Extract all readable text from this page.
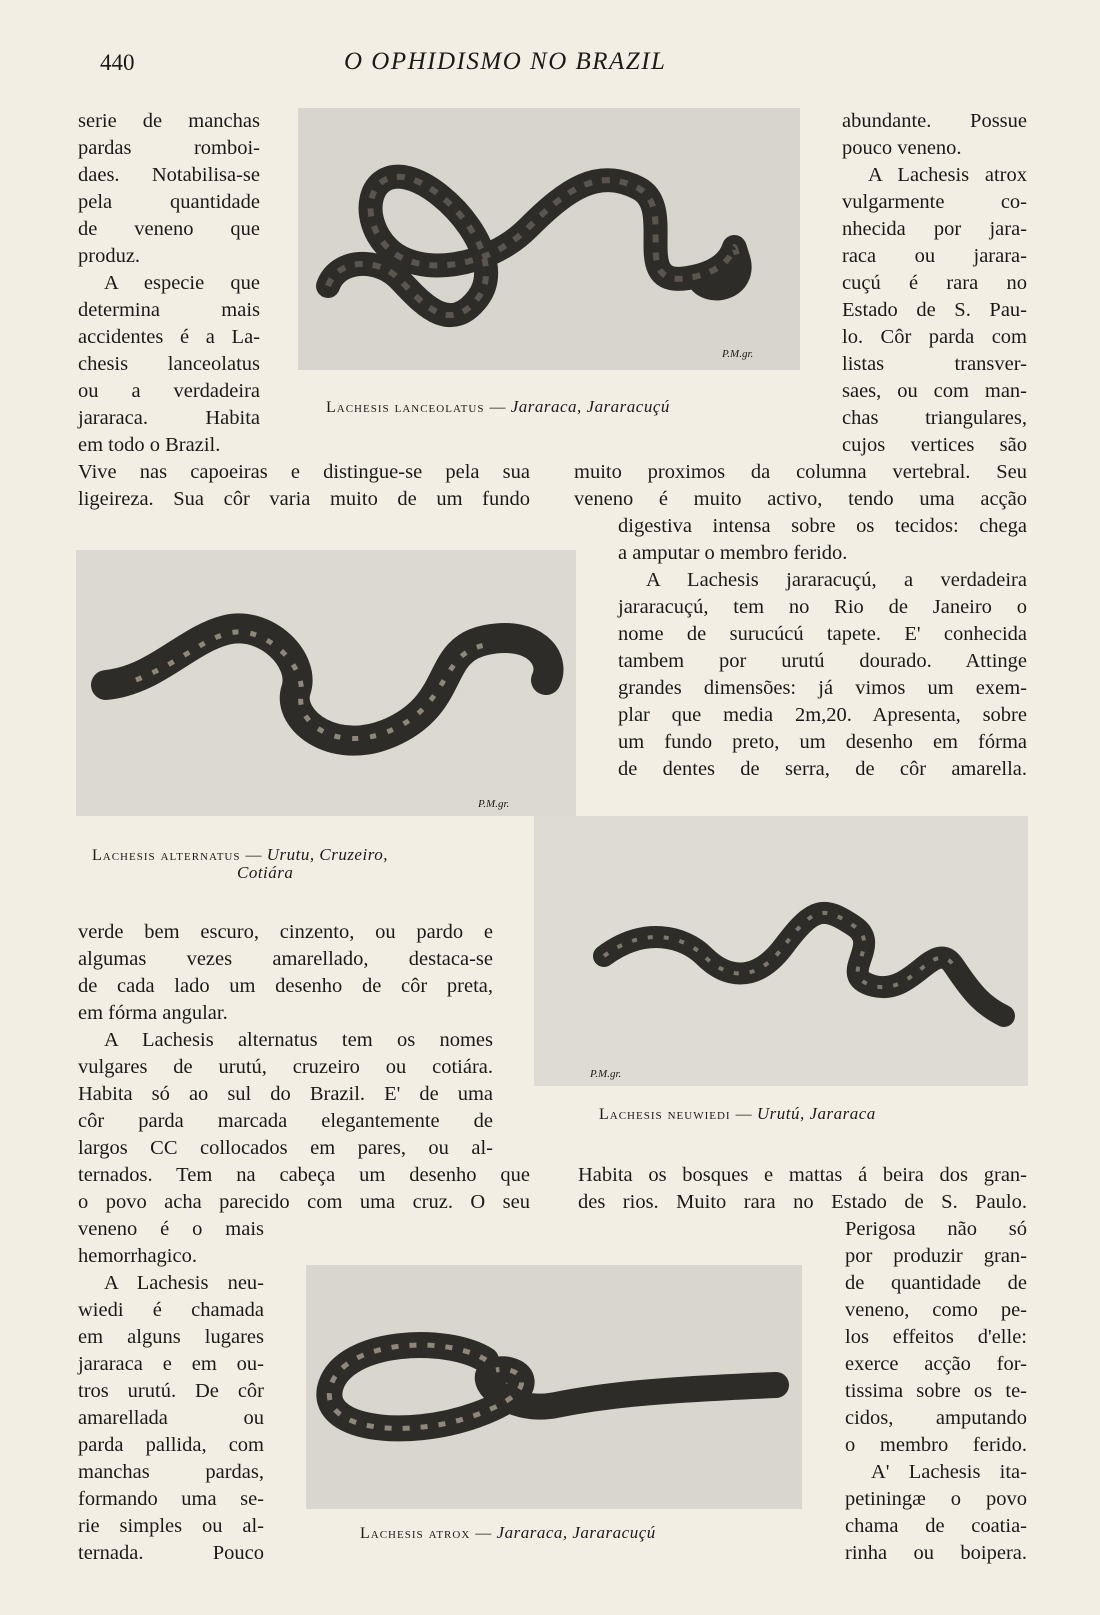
440	O OPHIDISMO NO BRAZIL
serie de manchas
pardas romboi-
daes. Notabilisa-se
pela quantidade
de veneno que
produz.
A especie que
determina mais
accidentes é a La-
chesis lanceolatus
ou a verdadeira
jararaca. Habita
em todo o Brazil.
Vive nas capoeiras e distingue-se pela sua
ligeireza. Sua côr varia muito de um fundo
abundante. Possue
pouco veneno.
A Lachesis atrox
vulgarmente co-
nhecida por jara-
raca ou jarara-
cuçú é rara no
Estado de S. Pau-
lo. Côr parda com
listas transver-
saes, ou com man-
chas triangulares,
cujos vertices são
muito proximos da columna vertebral. Seu
veneno é muito activo, tendo uma acção
digestiva intensa sobre os tecidos: chega
a amputar o membro ferido.
A Lachesis jararacuçú, a verdadeira
jararacuçú, tem no Rio de Janeiro o
nome de surucúcú tapete. E' conhecida
tambem por urutú dourado. Attinge
grandes dimensões: já vimos um exem-
plar que media 2m,20. Apresenta, sobre
um fundo preto, um desenho em fórma
de dentes de serra, de côr amarella.
verde bem escuro, cinzento, ou pardo e
algumas vezes amarellado, destaca-se
de cada lado um desenho de côr preta,
em fórma angular.
A Lachesis alternatus tem os nomes
vulgares de urutú, cruzeiro ou cotiára.
Habita só ao sul do Brazil. E' de uma
côr parda marcada elegantemente de
largos CC collocados em pares, ou al-
ternados. Tem na cabeça um desenho que
o povo acha parecido com uma cruz. O seu
veneno é o mais
hemorrhagico.
A Lachesis neu-
wiedi é chamada
em alguns lugares
jararaca e em ou-
tros urutú. De côr
amarellada ou
parda pallida, com
manchas pardas,
formando uma se-
rie simples ou al-
ternada. Pouco
Habita os bosques e mattas á beira dos gran-
des rios. Muito rara no Estado de S. Paulo.
Perigosa não só
por produzir gran-
de quantidade de
veneno, como pe-
los effeitos d'elle:
exerce acção for-
tissima sobre os te-
cidos, amputando
o membro ferido.
A' Lachesis ita-
petiningæ o povo
chama de coatia-
rinha ou boipera.
P.M.gr.
Lachesis lanceolatus — Jararaca, Jararacuçú
P.M.gr.
Lachesis alternatus — Urutu, Cruzeiro,
Cotiára
P.M.gr.
Lachesis neuwiedi — Urutú, Jararaca
Lachesis atrox — Jararaca, Jararacuçú
